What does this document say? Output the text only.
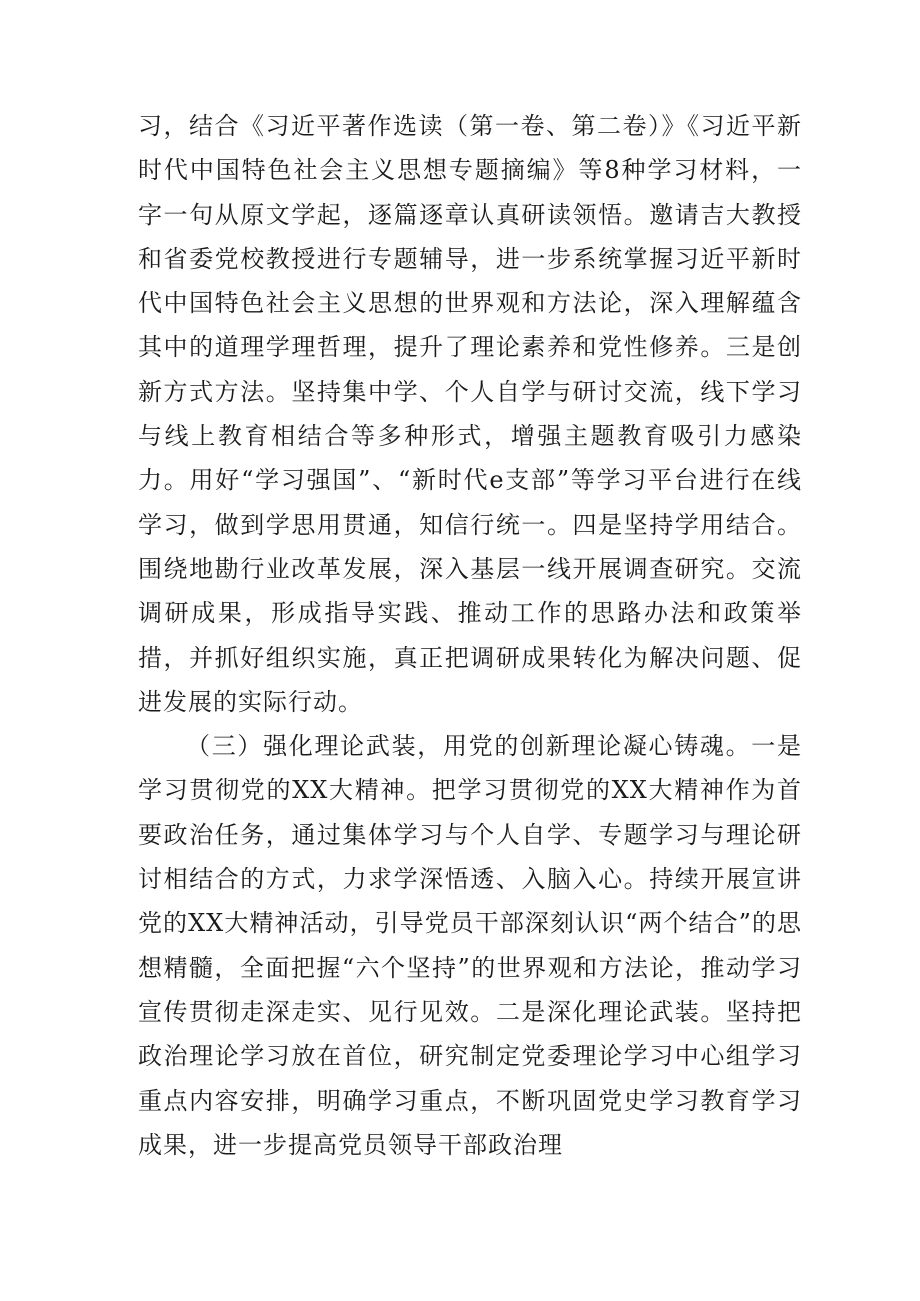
习，结合《习近平著作选读（第一卷、第二卷）》《习近平新时代中国特色社会主义思想专题摘编》等8种学习材料，一字一句从原文学起，逐篇逐章认真研读领悟。邀请吉大教授和省委党校教授进行专题辅导，进一步系统掌握习近平新时代中国特色社会主义思想的世界观和方法论，深入理解蕴含其中的道理学理哲理，提升了理论素养和党性修养。三是创新方式方法。坚持集中学、个人自学与研讨交流，线下学习与线上教育相结合等多种形式，增强主题教育吸引力感染力。用好“学习强国”、“新时代e支部”等学习平台进行在线学习，做到学思用贯通，知信行统一。四是坚持学用结合。围绕地勘行业改革发展，深入基层一线开展调查研究。交流调研成果，形成指导实践、推动工作的思路办法和政策举措，并抓好组织实施，真正把调研成果转化为解决问题、促进发展的实际行动。

（三）强化理论武装，用党的创新理论凝心铸魂。一是学习贯彻党的XX大精神。把学习贯彻党的XX大精神作为首要政治任务，通过集体学习与个人自学、专题学习与理论研讨相结合的方式，力求学深悟透、入脑入心。持续开展宣讲党的XX大精神活动，引导党员干部深刻认识“两个结合”的思想精髓，全面把握“六个坚持”的世界观和方法论，推动学习宣传贯彻走深走实、见行见效。二是深化理论武装。坚持把政治理论学习放在首位，研究制定党委理论学习中心组学习重点内容安排，明确学习重点，不断巩固党史学习教育学习成果，进一步提高党员领导干部政治理
